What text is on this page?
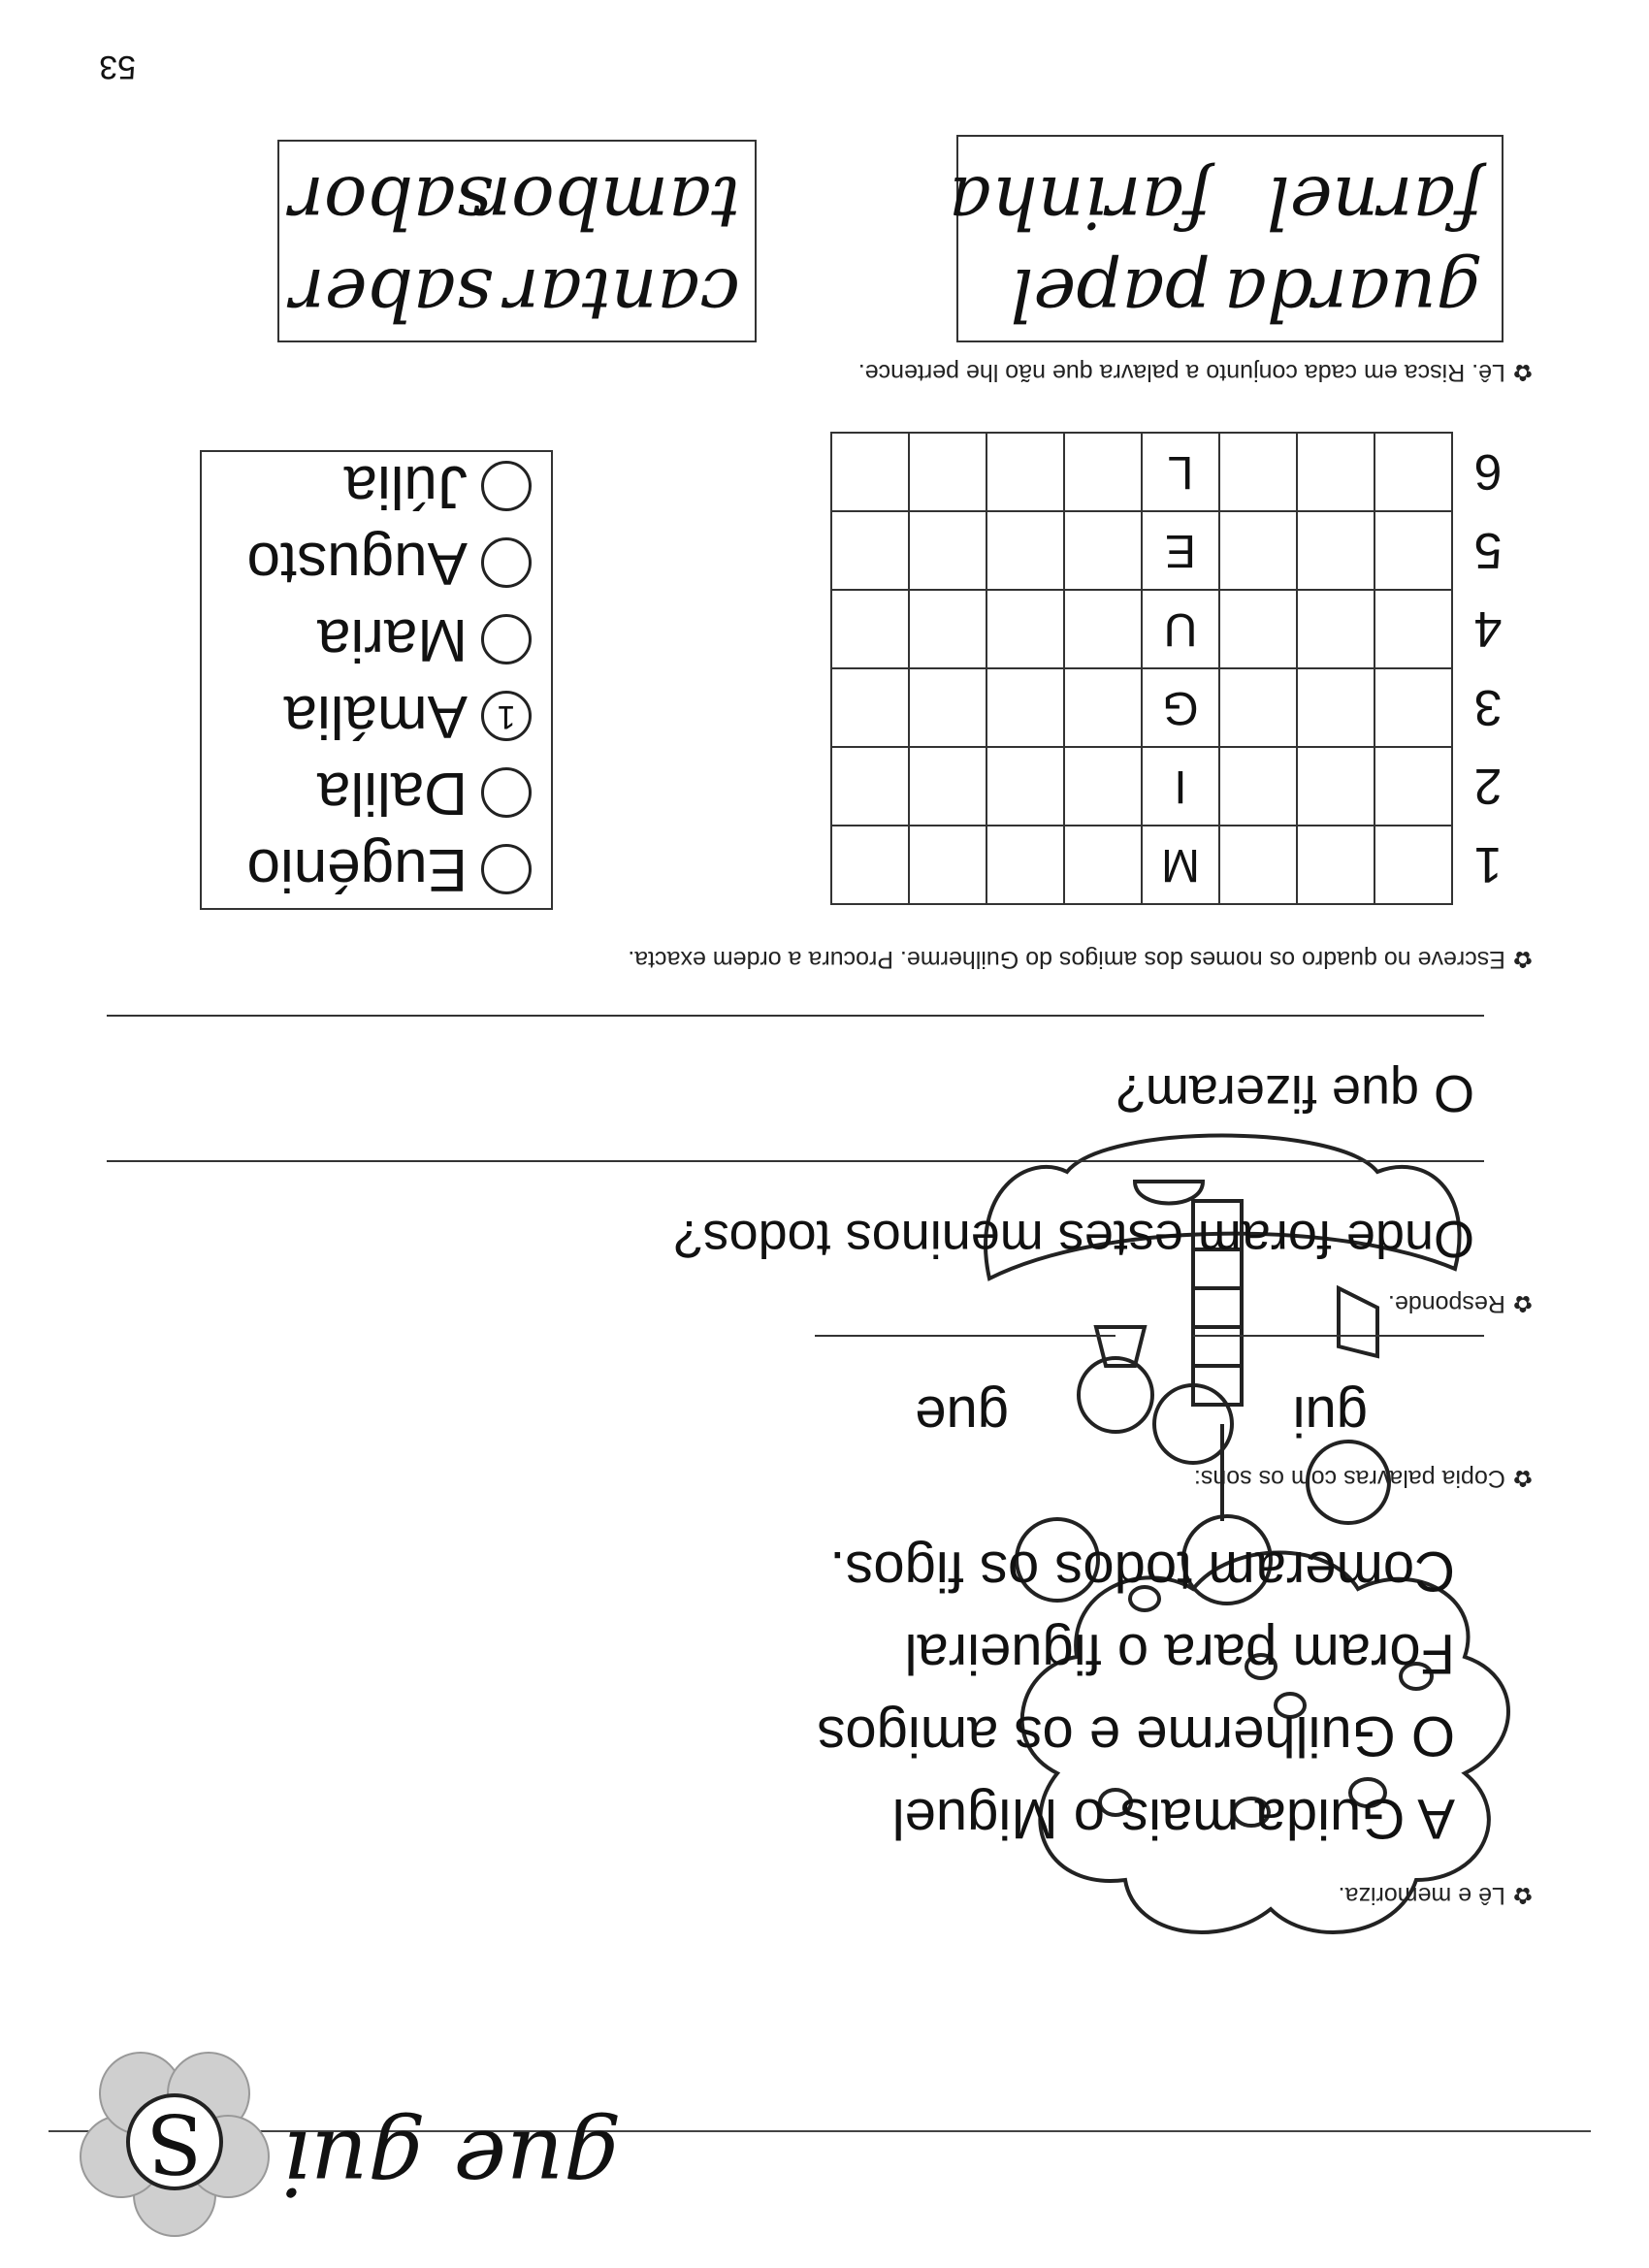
S gue gui
✿Lê e memoriza.
A Guida mais o Miguel
O Guilherme e os amigos
Foram para o figueiral
Comeram todos os figos.
✿Copia palavras com os sons:
gui
gue
✿Responde.
Onde foram estes meninos todos?
O que fizeram?
✿Escreve no quadro os nomes dos amigos do Guilherme. Procura a ordem exacta.
1				M				
2				I				
3				G				
4				U				
5				E				
6				L				
Eugénio
Dalila
1
Amália
Maria
Augusto
Júlia
✿Lê. Risca em cada conjunto a palavra que não lhe pertence.
guarda
papel
farnel
farinha
cantar
saber
tambor
sabor
53
